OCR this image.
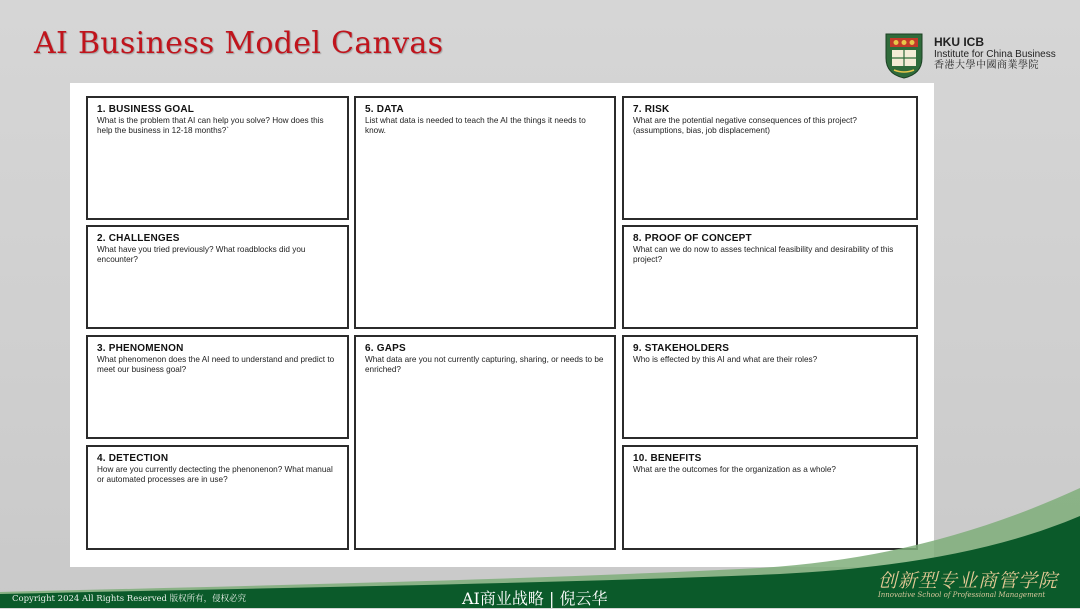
AI Business Model Canvas	HKU ICB
Institute for China Business
香港大學中國商業學院
1. BUSINESS GOAL
What is the problem that AI can help you solve? How does this help the business in 12-18 months?`
2. CHALLENGES
What have you tried previously? What roadblocks did you encounter?
3. PHENOMENON
What phenomenon does the AI need to understand and predict to meet our business goal?
4. DETECTION
How are you currently dectecting the phenonenon? What manual or automated processes are in use?
5. DATA
List what data is needed to teach the AI the things it needs to know.
6. GAPS
What data are you not currently capturing, sharing, or needs to be enriched?
7. RISK
What are the potential negative consequences of this project? (assumptions, bias, job displacement)
8. PROOF OF CONCEPT
What can we do now to asses technical feasibility and desirability of this project?
9. STAKEHOLDERS
Who is effected by this AI and what are their roles?
10. BENEFITS
What are the outcomes for the organization as a whole?
Copyright 2024 All Rights Reserved 版权所有，侵权必究	AI商业战略 | 倪云华
创新型专业商管学院
Innovative School of Professional Management
